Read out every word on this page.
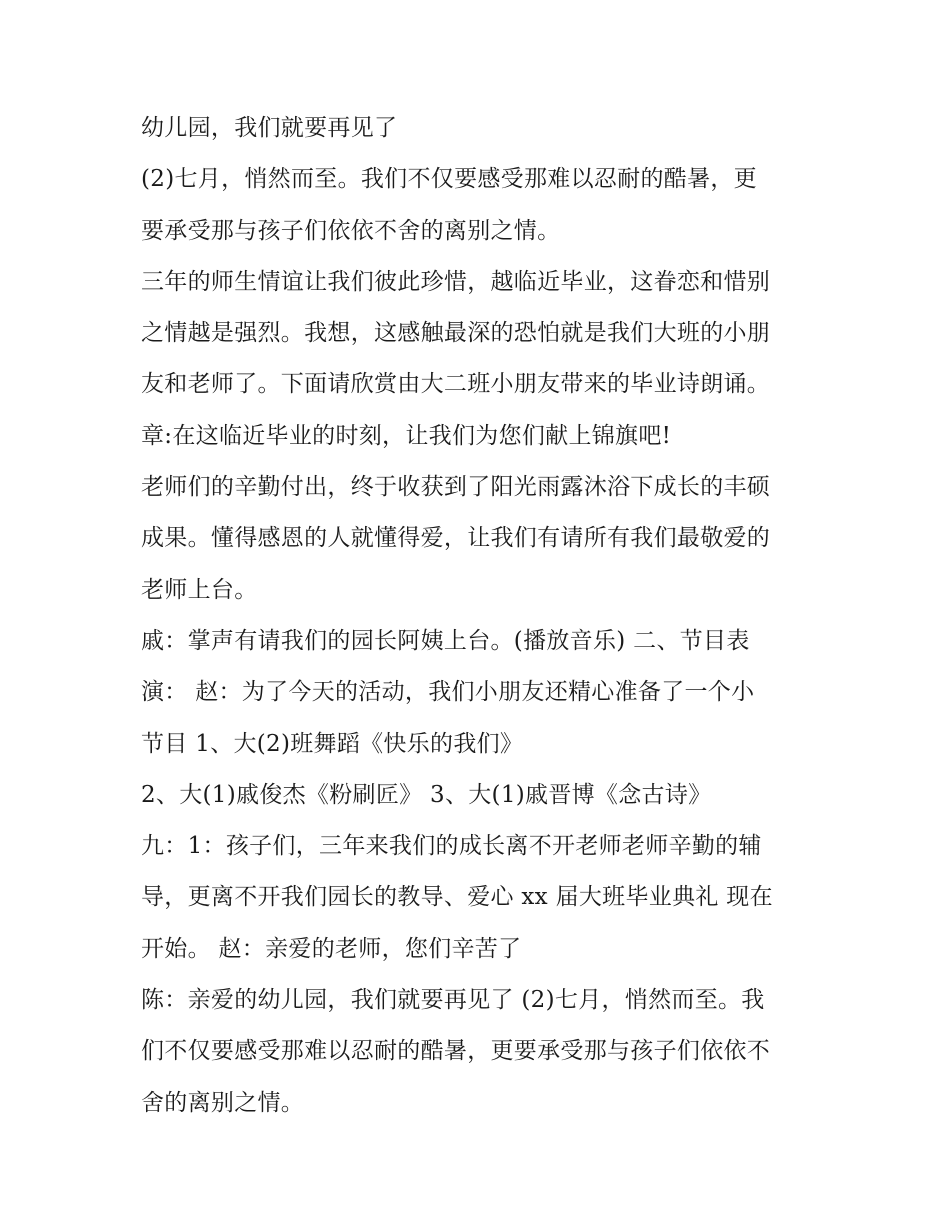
幼儿园，我们就要再见了
(2)七月，悄然而至。我们不仅要感受那难以忍耐的酷暑，更
要承受那与孩子们依依不舍的离别之情。
三年的师生情谊让我们彼此珍惜，越临近毕业，这眷恋和惜别
之情越是强烈。我想，这感触最深的恐怕就是我们大班的小朋
友和老师了。下面请欣赏由大二班小朋友带来的毕业诗朗诵。
章:在这临近毕业的时刻，让我们为您们献上锦旗吧!
老师们的辛勤付出，终于收获到了阳光雨露沐浴下成长的丰硕
成果。懂得感恩的人就懂得爱，让我们有请所有我们最敬爱的
老师上台。
戚：掌声有请我们的园长阿姨上台。(播放音乐) 二、节目表
演： 赵：为了今天的活动，我们小朋友还精心准备了一个小
节目 1、大(2)班舞蹈《快乐的我们》
2、大(1)戚俊杰《粉刷匠》 3、大(1)戚晋博《念古诗》
九：1：孩子们，三年来我们的成长离不开老师老师辛勤的辅
导，更离不开我们园长的教导、爱心 xx 届大班毕业典礼 现在
开始。 赵：亲爱的老师，您们辛苦了
陈：亲爱的幼儿园，我们就要再见了 (2)七月，悄然而至。我
们不仅要感受那难以忍耐的酷暑，更要承受那与孩子们依依不
舍的离别之情。
